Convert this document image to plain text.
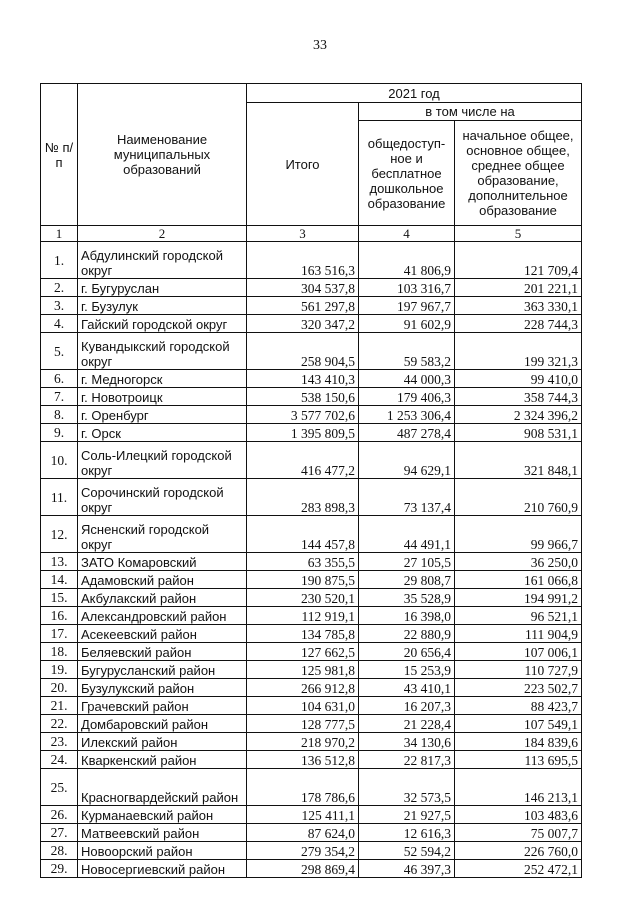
33
№ п/п	Наименование муниципальных образований	2021 год		
		Итого	в том числе на	
			общедоступ-ное и бесплатное дошкольное образование	начальное общее, основное общее, среднее общее образование, дополнительное образование
1	2	3	4	5
1.	Абдулинский городской округ	163 516,3	41 806,9	121 709,4
2.	г. Бугуруслан	304 537,8	103 316,7	201 221,1
3.	г. Бузулук	561 297,8	197 967,7	363 330,1
4.	Гайский городской округ	320 347,2	91 602,9	228 744,3
5.	Кувандыкский городской округ	258 904,5	59 583,2	199 321,3
6.	г. Медногорск	143 410,3	44 000,3	99 410,0
7.	г. Новотроицк	538 150,6	179 406,3	358 744,3
8.	г. Оренбург	3 577 702,6	1 253 306,4	2 324 396,2
9.	г. Орск	1 395 809,5	487 278,4	908 531,1
10.	Соль-Илецкий городской округ	416 477,2	94 629,1	321 848,1
11.	Сорочинский городской округ	283 898,3	73 137,4	210 760,9
12.	Ясненский городской округ	144 457,8	44 491,1	99 966,7
13.	ЗАТО Комаровский	63 355,5	27 105,5	36 250,0
14.	Адамовский район	190 875,5	29 808,7	161 066,8
15.	Акбулакский район	230 520,1	35 528,9	194 991,2
16.	Александровский район	112 919,1	16 398,0	96 521,1
17.	Асекеевский район	134 785,8	22 880,9	111 904,9
18.	Беляевский район	127 662,5	20 656,4	107 006,1
19.	Бугурусланский район	125 981,8	15 253,9	110 727,9
20.	Бузулукский район	266 912,8	43 410,1	223 502,7
21.	Грачевский район	104 631,0	16 207,3	88 423,7
22.	Домбаровский район	128 777,5	21 228,4	107 549,1
23.	Илекский район	218 970,2	34 130,6	184 839,6
24.	Кваркенский район	136 512,8	22 817,3	113 695,5
25.	Красногвардейский район	178 786,6	32 573,5	146 213,1
26.	Курманаевский район	125 411,1	21 927,5	103 483,6
27.	Матвеевский район	87 624,0	12 616,3	75 007,7
28.	Новоорский район	279 354,2	52 594,2	226 760,0
29.	Новосергиевский район	298 869,4	46 397,3	252 472,1
